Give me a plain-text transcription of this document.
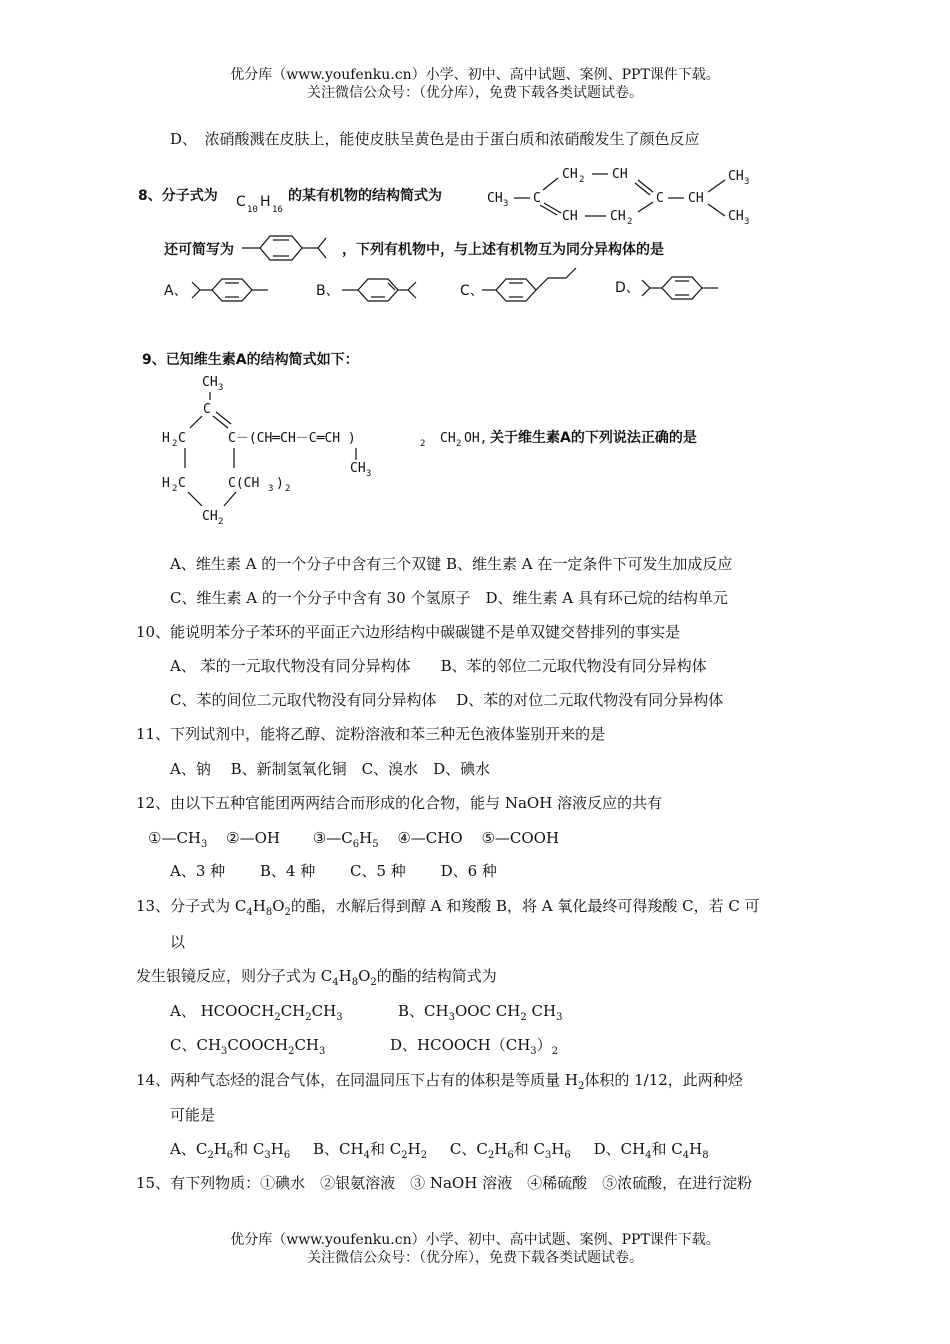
优分库（www.youfenku.cn）小学、初中、高中试题、案例、PPT课件下载。
关注微信公众号：（优分库），免费下载各类试题试卷。
D、　浓硝酸溅在皮肤上，能使皮肤呈黄色是由于蛋白质和浓硝酸发生了颜色反应
8、分子式为 C 10 H 16
的某有机物的结构简式为	CH 3 C
CH 2 CH
CH CH 2
C CH
CH 3
CH 3
还可简写为	，下列有机物中，与上述有机物互为同分异构体的是
A、	B、	C、	D、
9、已知维生素A的结构简式如下：
CH 3
C
H 2 C
H 2 C
CH 2
C(CH 3 ) 2
C－(CH═CH－C═CH )	2 CH 2 OH, 关于维生素A的下列说法正确的是
CH 3
A、维生素 A 的一个分子中含有三个双键 B、维生素 A 在一定条件下可发生加成反应
C、维生素 A 的一个分子中含有 30 个氢原子　D、维生素 A 具有环己烷的结构单元
10、能说明苯分子苯环的平面正六边形结构中碳碳键不是单双键交替排列的事实是
A、 苯的一元取代物没有同分异构体　　B、苯的邻位二元取代物没有同分异构体
C、苯的间位二元取代物没有同分异构体　 D、苯的对位二元取代物没有同分异构体
11、下列试剂中，能将乙醇、淀粉溶液和苯三种无色液体鉴别开来的是
A、钠　 B、新制氢氧化铜　C、溴水　D、碘水
12、由以下五种官能团两两结合而形成的化合物，能与 NaOH 溶液反应的共有
$①—CH_3$ ②—OH $③—C_6H_5$ ④—CHO ⑤—COOH
A、3 种　　 B、4 种　　 C、5 种　　 D、6 种
13、分子式为 $C_4H_8O_2$的酯，水解后得到醇 A 和羧酸 B，将 A 氧化最终可得羧酸 C，若 C 可
以
发生银镜反应，则分子式为 $C_4H_8O_2$的酯的结构简式为
A、 $HCOOCH_2CH_2CH_3$	B、$CH_3OOC$ $CH_2$ $CH_3$
C、$CH_3COOCH_2CH_3$	D、$HCOOCH(CH_3)_2$
14、两种气态烃的混合气体，在同温同压下占有的体积是等质量 $H_2$体积的 1/12，此两种烃
可能是
A、$C_2H_6$和 $C_3H_6$ B、$CH_4$和 $C_2H_2$ C、$C_2H_6$和 $C_3H_6$ D、$CH_4$和 $C_4H_8$
15、有下列物质：①碘水　②银氨溶液　③ NaOH 溶液　④稀硫酸　⑤浓硫酸，在进行淀粉
优分库（www.youfenku.cn）小学、初中、高中试题、案例、PPT课件下载。
关注微信公众号：（优分库），免费下载各类试题试卷。
